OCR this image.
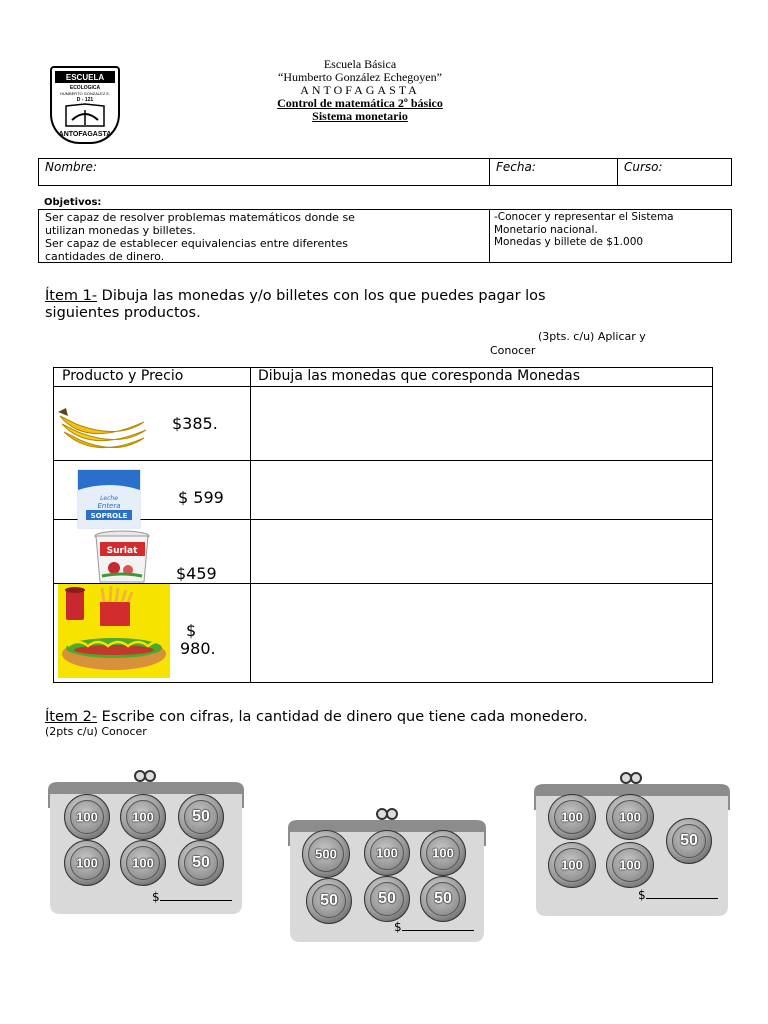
ESCUELA
ECOLOGICA
HUMBERTO GONZALEZ E.
D - 121
ANTOFAGASTA
Escuela Básica
“Humberto González Echegoyen”
ANTOFAGASTA
Control de matemática 2º básico
Sistema monetario
Nombre:	Fecha:	Curso:
Objetivos:
Ser capaz de resolver problemas matemáticos donde se
utilizan monedas y billetes.
Ser capaz de establecer equivalencias entre diferentes
cantidades de dinero.
-Conocer y representar el Sistema
Monetario nacional.
Monedas y billete de $1.000
Ítem 1- Dibuja las monedas y/o billetes con los que puedes pagar los
siguientes productos.
(3pts. c/u) Aplicar y
Conocer
Producto y Precio	Dibuja las monedas que coresponda Monedas
$385.
Leche
Entera
SOPROLE
$ 599
Surlat
$459
$
980.
Ítem 2- Escribe con cifras, la cantidad de dinero que tiene cada monedero.
(2pts c/u) Conocer
100	100	50
100	100	50
$
500	100	100
50	50	50
$
100	100
50
100	100
$
